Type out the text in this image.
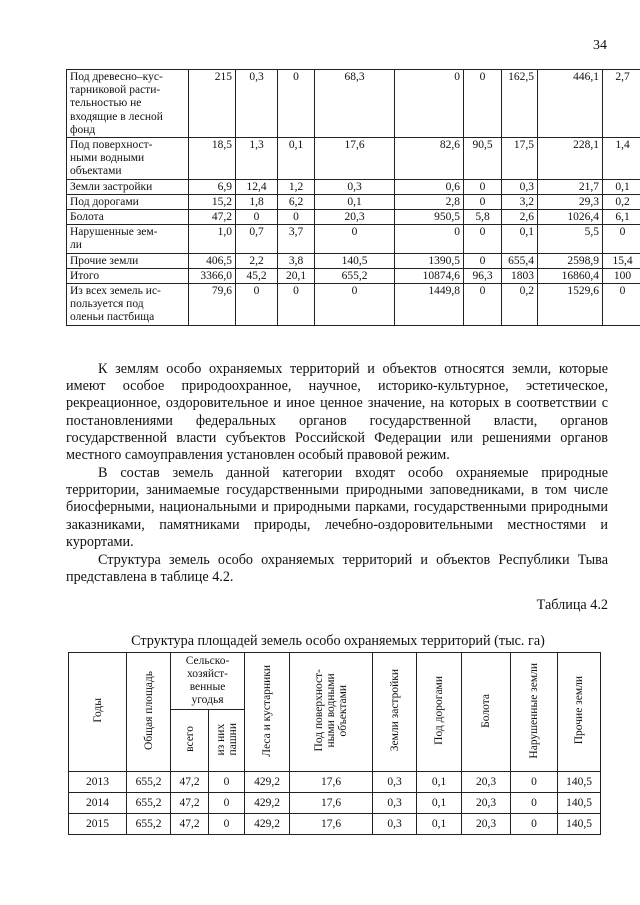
34
Под древесно–кус-
тарниковой расти-
тельностью не
входящие в лесной
фонд	215	0,3	0	68,3	0	0	162,5	446,1	2,7
Под поверхност-
ными водными
объектами	18,5	1,3	0,1	17,6	82,6	90,5	17,5	228,1	1,4
Земли застройки	6,9	12,4	1,2	0,3	0,6	0	0,3	21,7	0,1
Под дорогами	15,2	1,8	6,2	0,1	2,8	0	3,2	29,3	0,2
Болота	47,2	0	0	20,3	950,5	5,8	2,6	1026,4	6,1
Нарушенные зем-
ли	1,0	0,7	3,7	0	0	0	0,1	5,5	0
Прочие земли	406,5	2,2	3,8	140,5	1390,5	0	655,4	2598,9	15,4
Итого	3366,0	45,2	20,1	655,2	10874,6	96,3	1803	16860,4	100
Из всех земель ис-
пользуется под
оленьи пастбища	79,6	0	0	0	1449,8	0	0,2	1529,6	0

К землям особо охраняемых территорий и объектов относятся земли, которые имеют особое природоохранное, научное, историко-культурное, эстетическое, рекреационное, оздоровительное и иное ценное значение, на которых в соответствии с постановлениями федеральных органов государственной власти, органов государственной власти субъектов Российской Федерации или решениями органов местного самоуправления установлен особый правовой режим.

В состав земель данной категории входят особо охраняемые природные территории, занимаемые государственными природными заповедниками, в том числе биосферными, национальными и природными парками, государственными природными заказниками, памятниками природы, лечебно-оздоровительными местностями и курортами.

Структура земель особо охраняемых территорий и объектов Республики Тыва представлена в таблице 4.2.

Таблица 4.2
Структура площадей земель особо охраняемых территорий (тыс. га)
Годы	Общая площадь	Сельско-
хозяйст-
венные
угодья		Леса и кустарники	Под поверхност-
ными водными
объектами	Земли застройки	Под дорогами	Болота	Нарушенные земли	Прочие земли
		всего	из них
пашни							
2013	655,2	47,2	0	429,2	17,6	0,3	0,1	20,3	0	140,5
2014	655,2	47,2	0	429,2	17,6	0,3	0,1	20,3	0	140,5
2015	655,2	47,2	0	429,2	17,6	0,3	0,1	20,3	0	140,5
